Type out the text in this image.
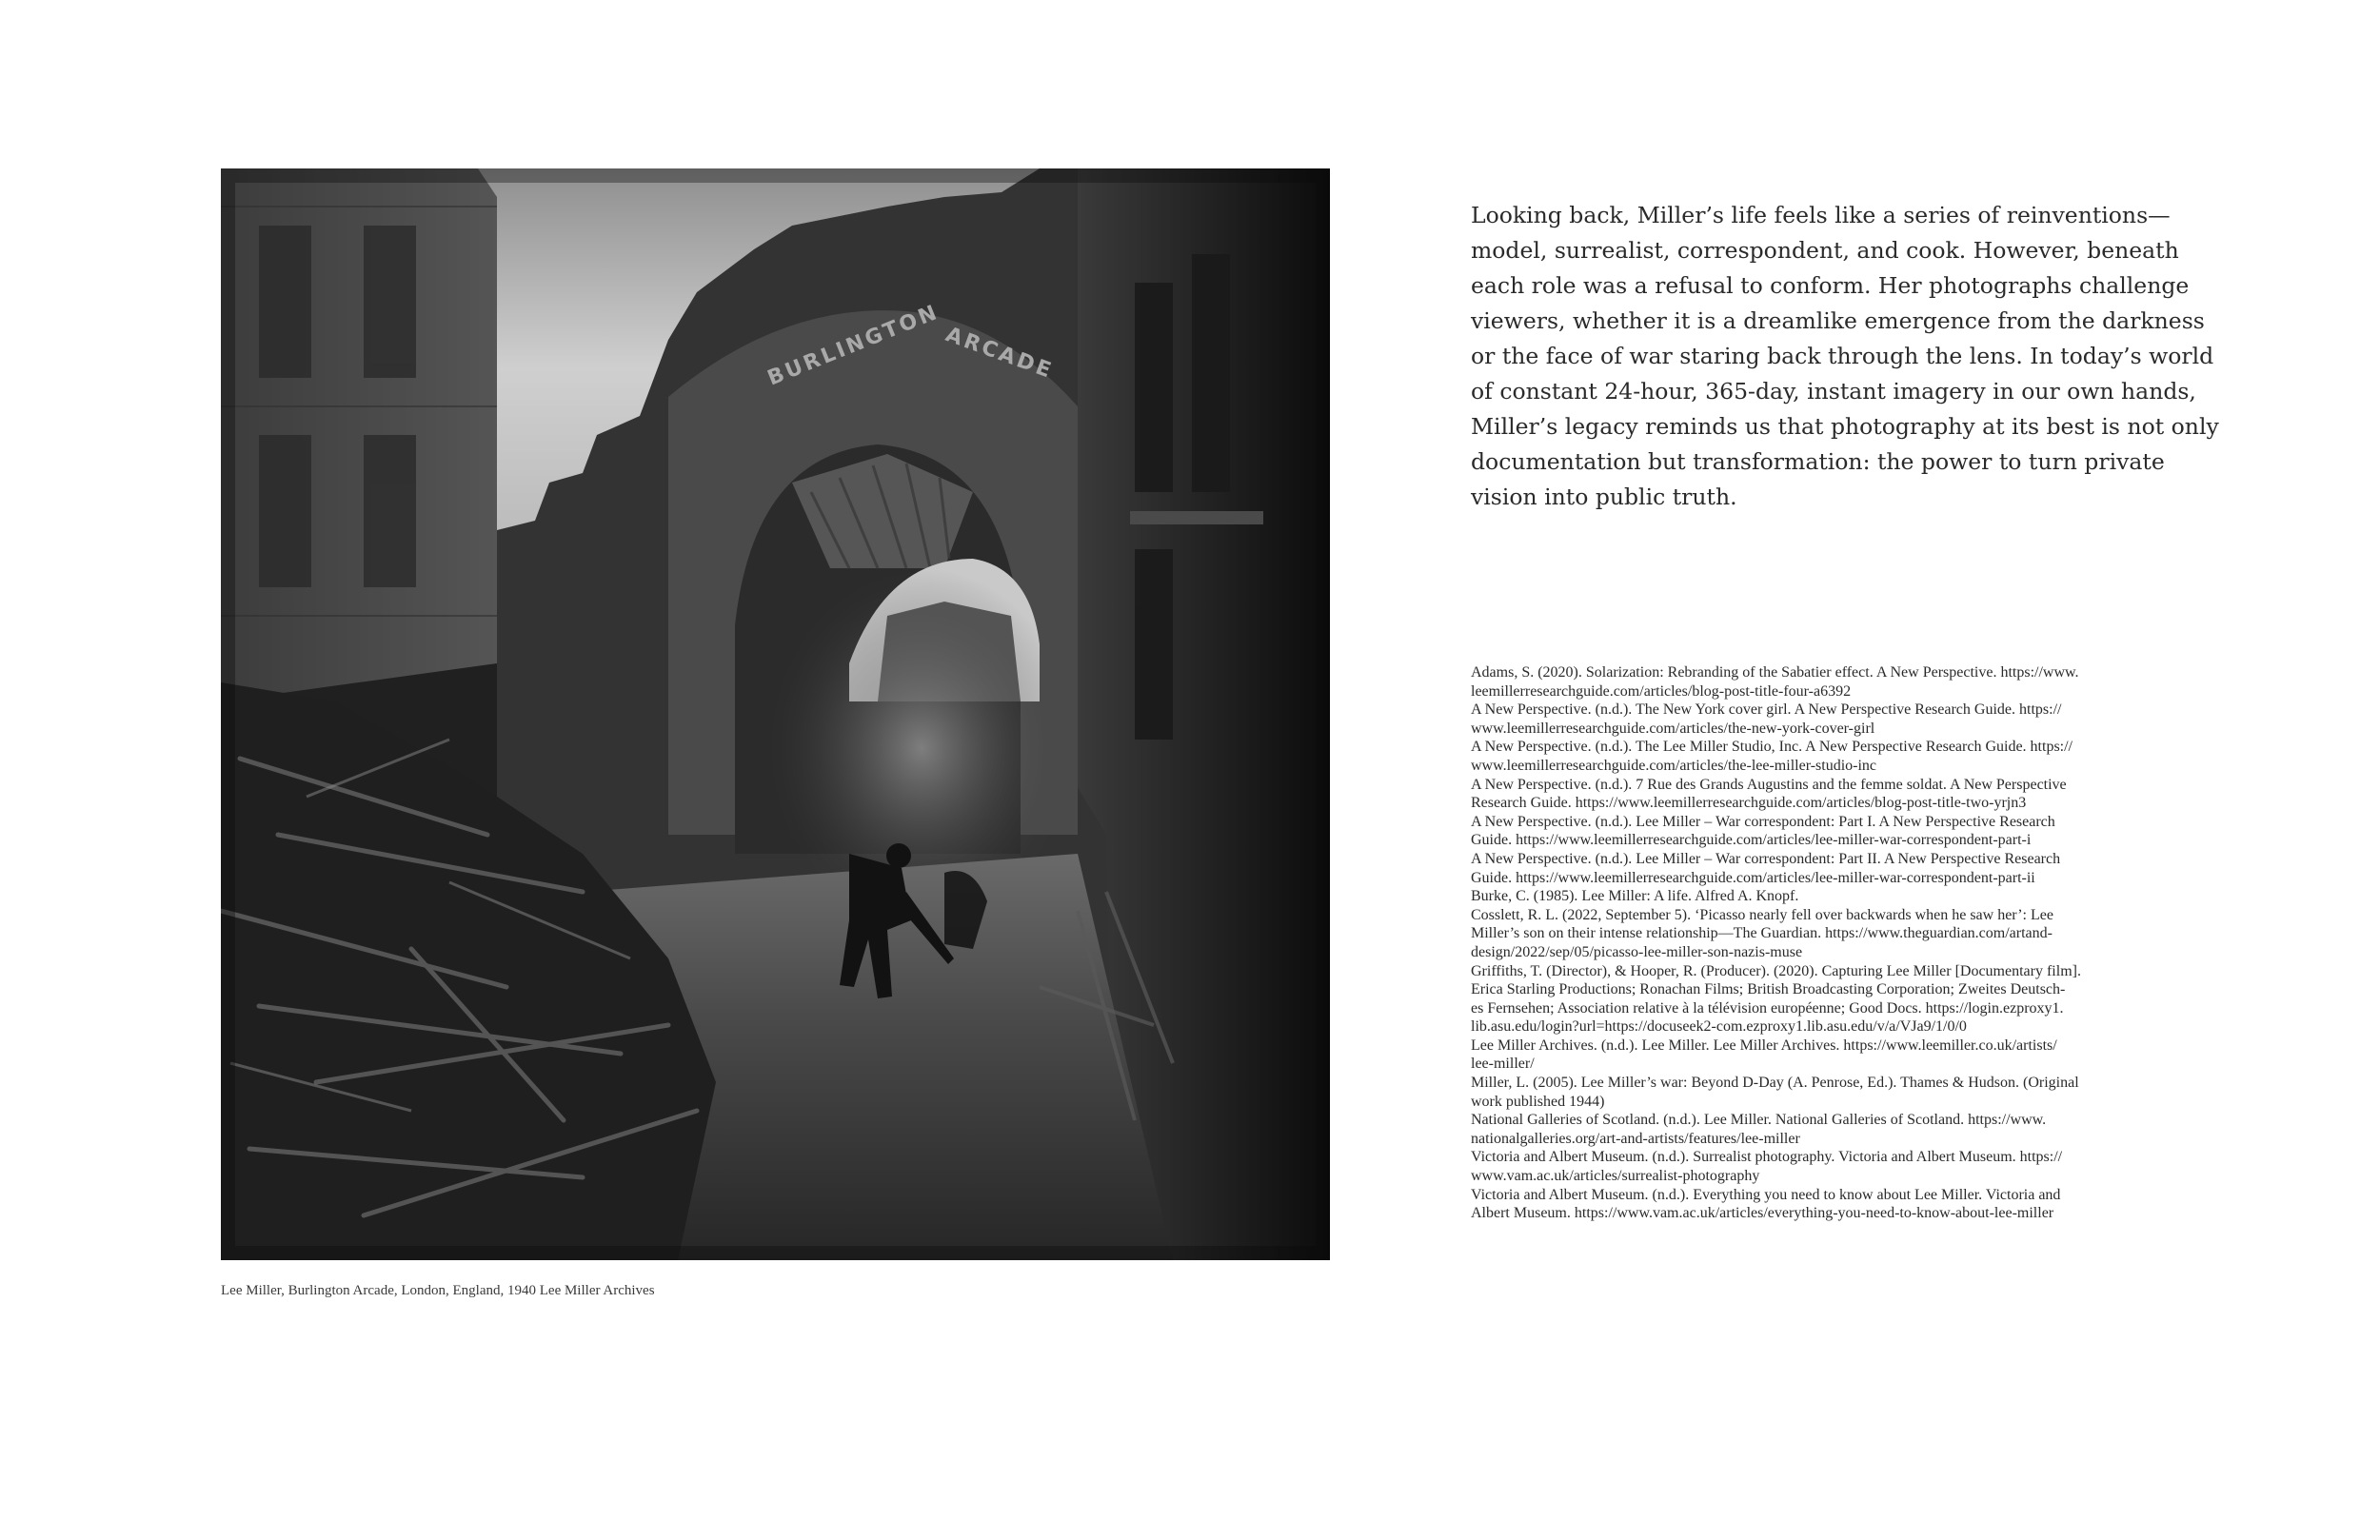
BURLINGTON ARCADE
Lee Miller, Burlington Arcade, London, England, 1940 Lee Miller Archives
Looking back, Miller’s life feels like a series of reinventions—
model, surrealist, correspondent, and cook. However, beneath
each role was a refusal to conform. Her photographs challenge
viewers, whether it is a dreamlike emergence from the darkness
or the face of war staring back through the lens. In today’s world
of constant 24-hour, 365-day, instant imagery in our own hands,
Miller’s legacy reminds us that photography at its best is not only
documentation but transformation: the power to turn private
vision into public truth.
Adams, S. (2020). Solarization: Rebranding of the Sabatier effect. A New Perspective. https://www.
leemillerresearchguide.com/articles/blog-post-title-four-a6392
A New Perspective. (n.d.). The New York cover girl. A New Perspective Research Guide. https://
www.leemillerresearchguide.com/articles/the-new-york-cover-girl
A New Perspective. (n.d.). The Lee Miller Studio, Inc. A New Perspective Research Guide. https://
www.leemillerresearchguide.com/articles/the-lee-miller-studio-inc
A New Perspective. (n.d.). 7 Rue des Grands Augustins and the femme soldat. A New Perspective
Research Guide. https://www.leemillerresearchguide.com/articles/blog-post-title-two-yrjn3
A New Perspective. (n.d.). Lee Miller – War correspondent: Part I. A New Perspective Research
Guide. https://www.leemillerresearchguide.com/articles/lee-miller-war-correspondent-part-i
A New Perspective. (n.d.). Lee Miller – War correspondent: Part II. A New Perspective Research
Guide. https://www.leemillerresearchguide.com/articles/lee-miller-war-correspondent-part-ii
Burke, C. (1985). Lee Miller: A life. Alfred A. Knopf.
Cosslett, R. L. (2022, September 5). ‘Picasso nearly fell over backwards when he saw her’: Lee
Miller’s son on their intense relationship—The Guardian. https://www.theguardian.com/artand-
design/2022/sep/05/picasso-lee-miller-son-nazis-muse
Griffiths, T. (Director), & Hooper, R. (Producer). (2020). Capturing Lee Miller [Documentary film].
Erica Starling Productions; Ronachan Films; British Broadcasting Corporation; Zweites Deutsch-
es Fernsehen; Association relative à la télévision européenne; Good Docs. https://login.ezproxy1.
lib.asu.edu/login?url=https://docuseek2-com.ezproxy1.lib.asu.edu/v/a/VJa9/1/0/0
Lee Miller Archives. (n.d.). Lee Miller. Lee Miller Archives. https://www.leemiller.co.uk/artists/
lee-miller/
Miller, L. (2005). Lee Miller’s war: Beyond D-Day (A. Penrose, Ed.). Thames & Hudson. (Original
work published 1944)
National Galleries of Scotland. (n.d.). Lee Miller. National Galleries of Scotland. https://www.
nationalgalleries.org/art-and-artists/features/lee-miller
Victoria and Albert Museum. (n.d.). Surrealist photography. Victoria and Albert Museum. https://
www.vam.ac.uk/articles/surrealist-photography
Victoria and Albert Museum. (n.d.). Everything you need to know about Lee Miller. Victoria and
Albert Museum. https://www.vam.ac.uk/articles/everything-you-need-to-know-about-lee-miller
